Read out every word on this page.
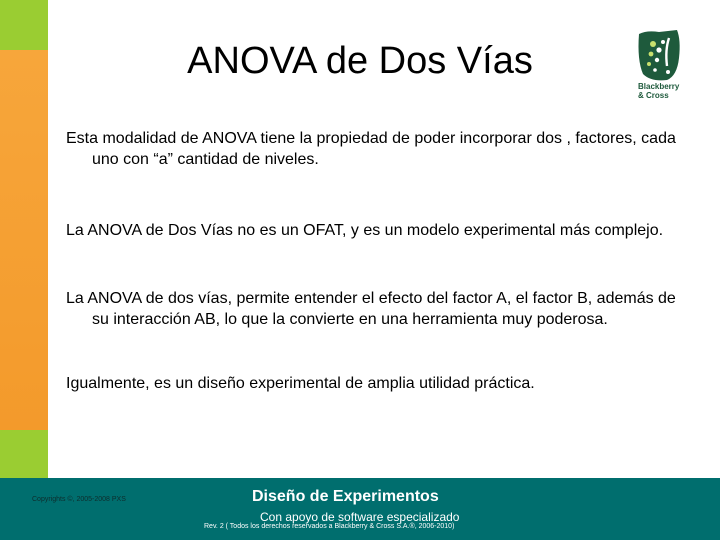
ANOVA de Dos Vías
Blackberry
& Cross

Esta modalidad de ANOVA tiene la propiedad de poder incorporar dos , factores, cada uno con “a” cantidad de niveles.

La ANOVA de Dos Vías no es un OFAT, y es un modelo experimental más complejo.

La ANOVA de dos vías, permite entender el efecto del factor A, el factor B, además de su interacción AB, lo que la convierte en una herramienta muy poderosa.

Igualmente, es un diseño experimental de amplia utilidad práctica.

Copyrights ©, 2005-2008 PXS	Diseño de Experimentos
Con apoyo de software especializado
Rev. 2 ( Todos los derechos reservados a Blackberry & Cross S.A.®, 2006-2010)
